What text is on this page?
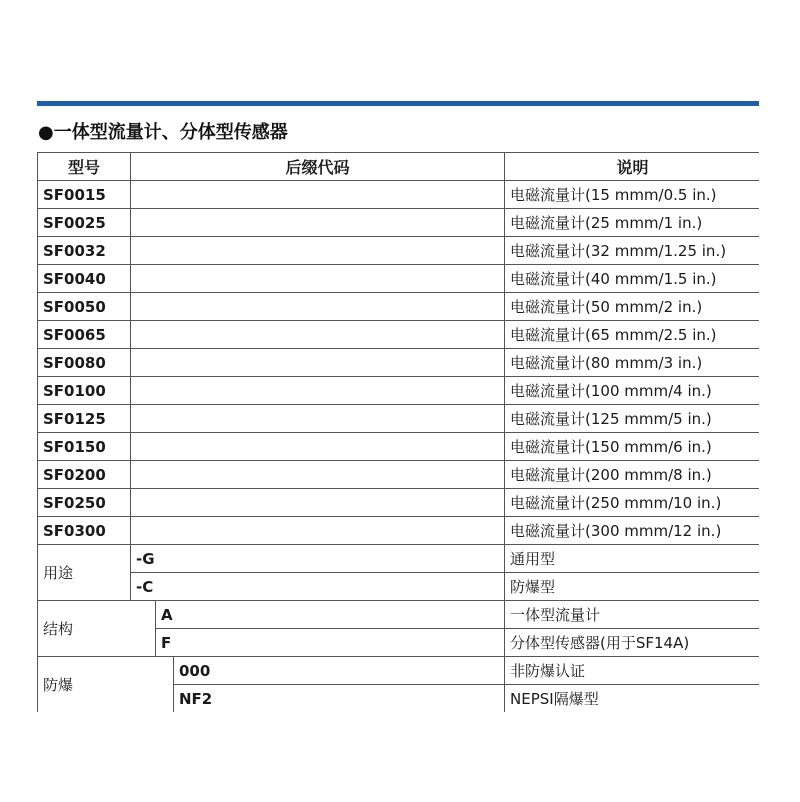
●一体型流量计、分体型传感器
型号	后缀代码			说明
SF0015				电磁流量计(15 mmm/0.5 in.)
SF0025				电磁流量计(25 mmm/1 in.)
SF0032				电磁流量计(32 mmm/1.25 in.)
SF0040				电磁流量计(40 mmm/1.5 in.)
SF0050				电磁流量计(50 mmm/2 in.)
SF0065				电磁流量计(65 mmm/2.5 in.)
SF0080				电磁流量计(80 mmm/3 in.)
SF0100				电磁流量计(100 mmm/4 in.)
SF0125				电磁流量计(125 mmm/5 in.)
SF0150				电磁流量计(150 mmm/6 in.)
SF0200				电磁流量计(200 mmm/8 in.)
SF0250				电磁流量计(250 mmm/10 in.)
SF0300				电磁流量计(300 mmm/12 in.)
用途	-G			通用型
	-C			防爆型
结构		A		一体型流量计
		F		分体型传感器(用于SF14A)
防爆			000	非防爆认证
			NF2	NEPSI隔爆型
